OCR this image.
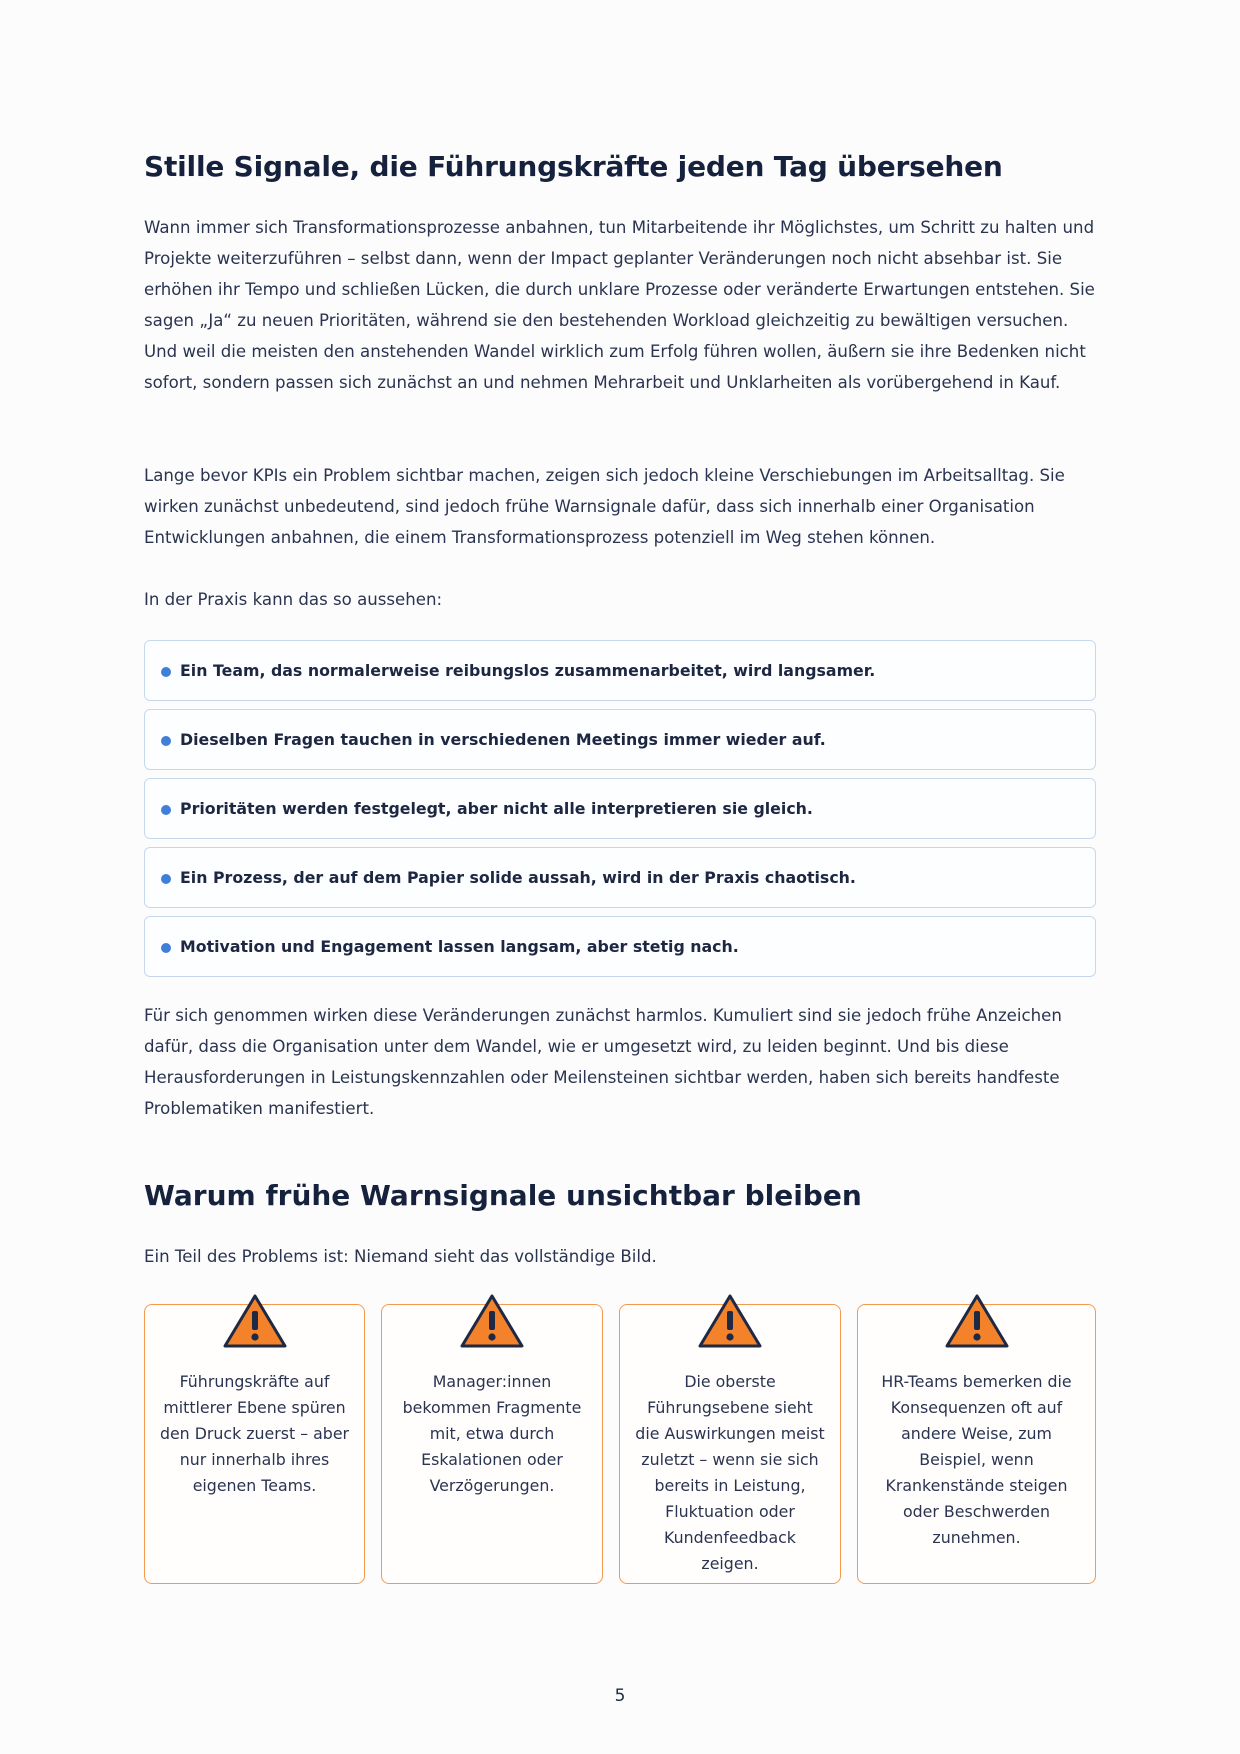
Stille Signale, die Führungskräfte jeden Tag übersehen

Wann immer sich Transformationsprozesse anbahnen, tun Mitarbeitende ihr Möglichstes, um Schritt zu halten und Projekte weiterzuführen – selbst dann, wenn der Impact geplanter Veränderungen noch nicht absehbar ist. Sie erhöhen ihr Tempo und schließen Lücken, die durch unklare Prozesse oder veränderte Erwartungen entstehen. Sie sagen „Ja“ zu neuen Prioritäten, während sie den bestehenden Workload gleichzeitig zu bewältigen versuchen. Und weil die meisten den anstehenden Wandel wirklich zum Erfolg führen wollen, äußern sie ihre Bedenken nicht sofort, sondern passen sich zunächst an und nehmen Mehrarbeit und Unklarheiten als vorübergehend in Kauf.

Lange bevor KPIs ein Problem sichtbar machen, zeigen sich jedoch kleine Verschiebungen im Arbeitsalltag. Sie wirken zunächst unbedeutend, sind jedoch frühe Warnsignale dafür, dass sich innerhalb einer Organisation Entwicklungen anbahnen, die einem Transformationsprozess potenziell im Weg stehen können.

In der Praxis kann das so aussehen:

Ein Team, das normalerweise reibungslos zusammenarbeitet, wird langsamer.
Dieselben Fragen tauchen in verschiedenen Meetings immer wieder auf.
Prioritäten werden festgelegt, aber nicht alle interpretieren sie gleich.
Ein Prozess, der auf dem Papier solide aussah, wird in der Praxis chaotisch.
Motivation und Engagement lassen langsam, aber stetig nach.

Für sich genommen wirken diese Veränderungen zunächst harmlos. Kumuliert sind sie jedoch frühe Anzeichen dafür, dass die Organisation unter dem Wandel, wie er umgesetzt wird, zu leiden beginnt. Und bis diese Herausforderungen in Leistungskennzahlen oder Meilensteinen sichtbar werden, haben sich bereits handfeste Problematiken manifestiert.

Warum frühe Warnsignale unsichtbar bleiben

Ein Teil des Problems ist: Niemand sieht das vollständige Bild.

Führungskräfte auf mittlerer Ebene spüren den Druck zuerst – aber nur innerhalb ihres eigenen Teams.
Manager:innen bekommen Fragmente mit, etwa durch Eskalationen oder Verzögerungen.
Die oberste Führungsebene sieht die Auswirkungen meist zuletzt – wenn sie sich bereits in Leistung, Fluktuation oder Kundenfeedback zeigen.
HR-Teams bemerken die Konsequenzen oft auf andere Weise, zum Beispiel, wenn Krankenstände steigen oder Beschwerden zunehmen.
5
